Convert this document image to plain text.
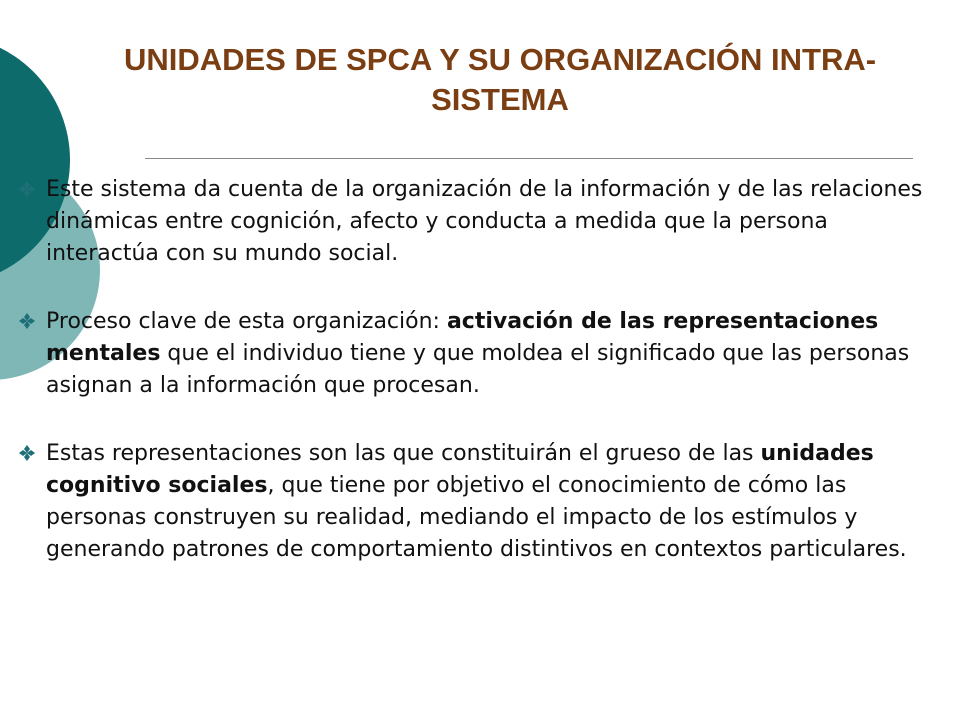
UNIDADES DE SPCA Y SU ORGANIZACIÓN INTRA-SISTEMA

Este sistema da cuenta de la organización de la información y de las relaciones dinámicas entre cognición, afecto y conducta a medida que la persona interactúa con su mundo social.

Proceso clave de esta organización: activación de las representaciones mentales que el individuo tiene y que moldea el significado que las personas asignan a la información que procesan.

Estas representaciones son las que constituirán el grueso de las unidades cognitivo sociales, que tiene por objetivo el conocimiento de cómo las personas construyen su realidad, mediando el impacto de los estímulos y generando patrones de comportamiento distintivos en contextos particulares.
